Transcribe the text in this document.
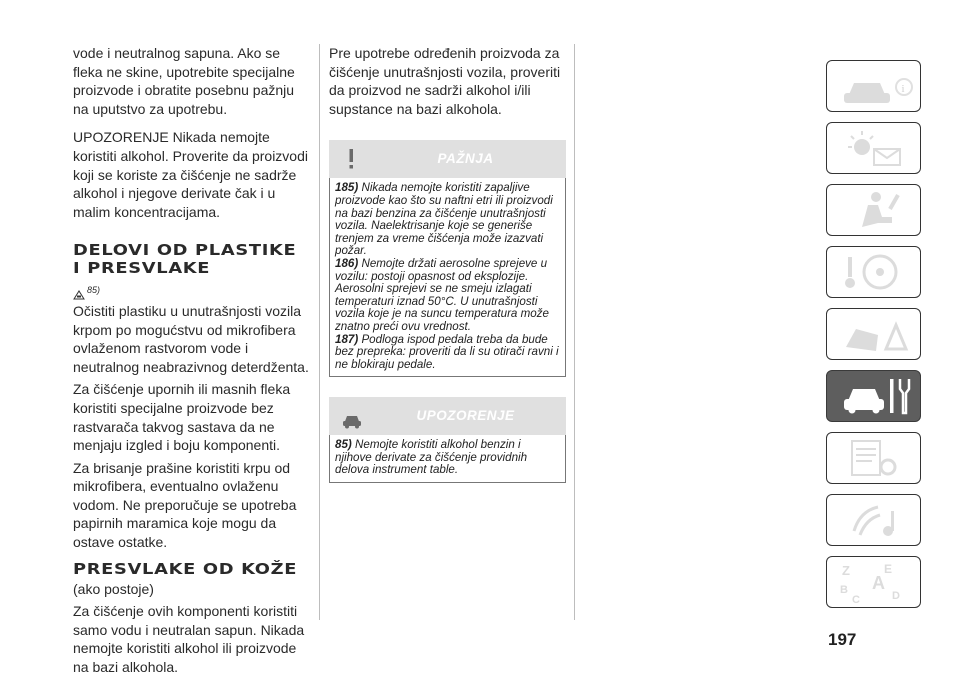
vode i neutralnog sapuna. Ako se fleka ne skine, upotrebite specijalne proizvode i obratite posebnu pažnju na uputstvo za upotrebu.

UPOZORENJE Nikada nemojte koristiti alkohol. Proverite da proizvodi koji se koriste za čišćenje ne sadrže alkohol i njegove derivate čak i u malim koncentracijama.

DELOVI OD PLASTIKE I PRESVLAKE
85)

Očistiti plastiku u unutrašnjosti vozila krpom po mogućstvu od mikrofibera ovlaženom rastvorom vode i neutralnog neabrazivnog deterdženta.

Za čišćenje upornih ili masnih fleka koristiti specijalne proizvode bez rastvarača takvog sastava da ne menjaju izgled i boju komponenti.

Za brisanje prašine koristiti krpu od mikrofibera, eventualno ovlaženu vodom. Ne preporučuje se upotreba papirnih maramica koje mogu da ostave ostatke.

PRESVLAKE OD KOŽE

(ako postoje)

Za čišćenje ovih komponenti koristiti samo vodu i neutralan sapun. Nikada nemojte koristiti alkohol ili proizvode na bazi alkohola.

Pre upotrebe određenih proizvoda za čišćenje unutrašnjosti vozila, proveriti da proizvod ne sadrži alkohol i/ili supstance na bazi alkohola.

PAŽNJA

185) Nikada nemojte koristiti zapaljive proizvode kao što su naftni etri ili proizvodi na bazi benzina za čišćenje unutrašnjosti vozila. Naelektrisanje koje se generiše trenjem za vreme čišćenja može izazvati požar.

186) Nemojte držati aerosolne spreјeve u vozilu: postoji opasnost od eksplozije. Aerosolni sprejevi se ne smeju izlagati temperaturi iznad 50°C. U unutrašnjosti vozila koje je na suncu temperatura može znatno preći ovu vrednost.

187) Podloga ispod pedala treba da bude bez prepreka: proveriti da li su otirači ravni i ne blokiraju pedale.

UPOZORENJE

85) Nemojte koristiti alkohol benzin i njihove derivate za čišćenje providnih delova instrument table.

i
Z	E
A
B
C	D
197
